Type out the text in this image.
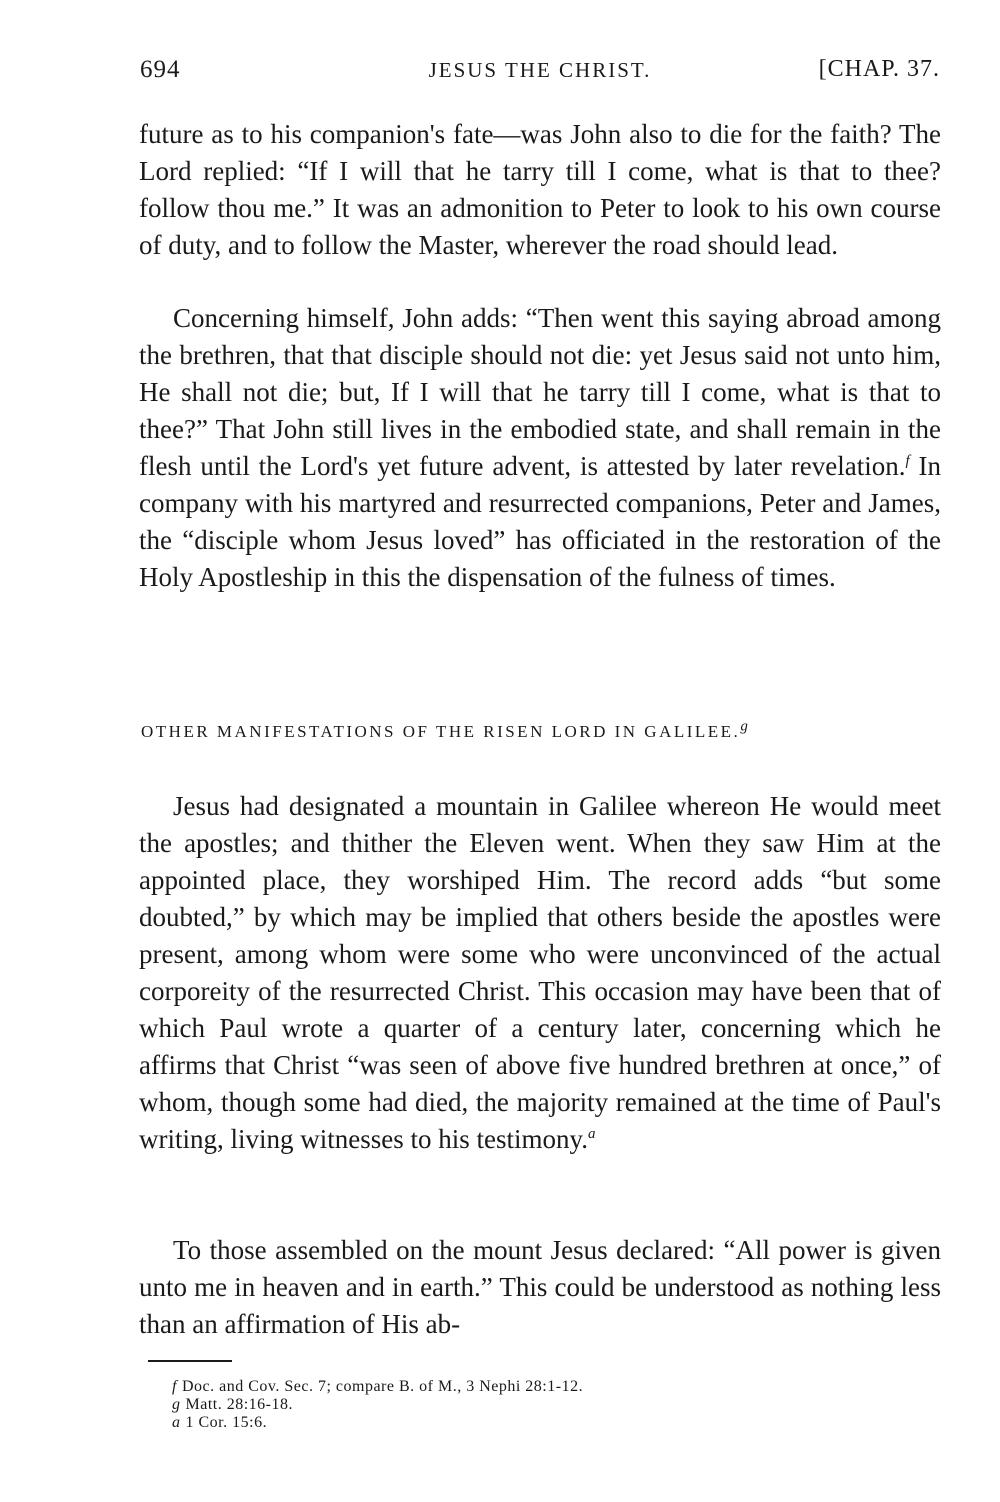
694	JESUS THE CHRIST.	[CHAP. 37.
future as to his companion's fate—was John also to die for the faith? The Lord replied: “If I will that he tarry till I come, what is that to thee? follow thou me.” It was an admonition to Peter to look to his own course of duty, and to follow the Master, wherever the road should lead.
Concerning himself, John adds: “Then went this saying abroad among the brethren, that that disciple should not die: yet Jesus said not unto him, He shall not die; but, If I will that he tarry till I come, what is that to thee?” That John still lives in the embodied state, and shall remain in the flesh until the Lord's yet future advent, is attested by later revelation.$^f$ In company with his martyred and resurrected companions, Peter and James, the “disciple whom Jesus loved” has officiated in the restoration of the Holy Apostleship in this the dispensation of the fulness of times.
OTHER MANIFESTATIONS OF THE RISEN LORD IN GALILEE.$^g$
Jesus had designated a mountain in Galilee whereon He would meet the apostles; and thither the Eleven went. When they saw Him at the appointed place, they worshiped Him. The record adds “but some doubted,” by which may be implied that others beside the apostles were present, among whom were some who were unconvinced of the actual corporeity of the resurrected Christ. This occasion may have been that of which Paul wrote a quarter of a century later, concerning which he affirms that Christ “was seen of above five hundred brethren at once,” of whom, though some had died, the majority remained at the time of Paul's writing, living witnesses to his testimony.$^a$
To those assembled on the mount Jesus declared: “All power is given unto me in heaven and in earth.” This could be understood as nothing less than an affirmation of His ab-
f Doc. and Cov. Sec. 7; compare B. of M., 3 Nephi 28:1-12.
g Matt. 28:16-18.
a 1 Cor. 15:6.
